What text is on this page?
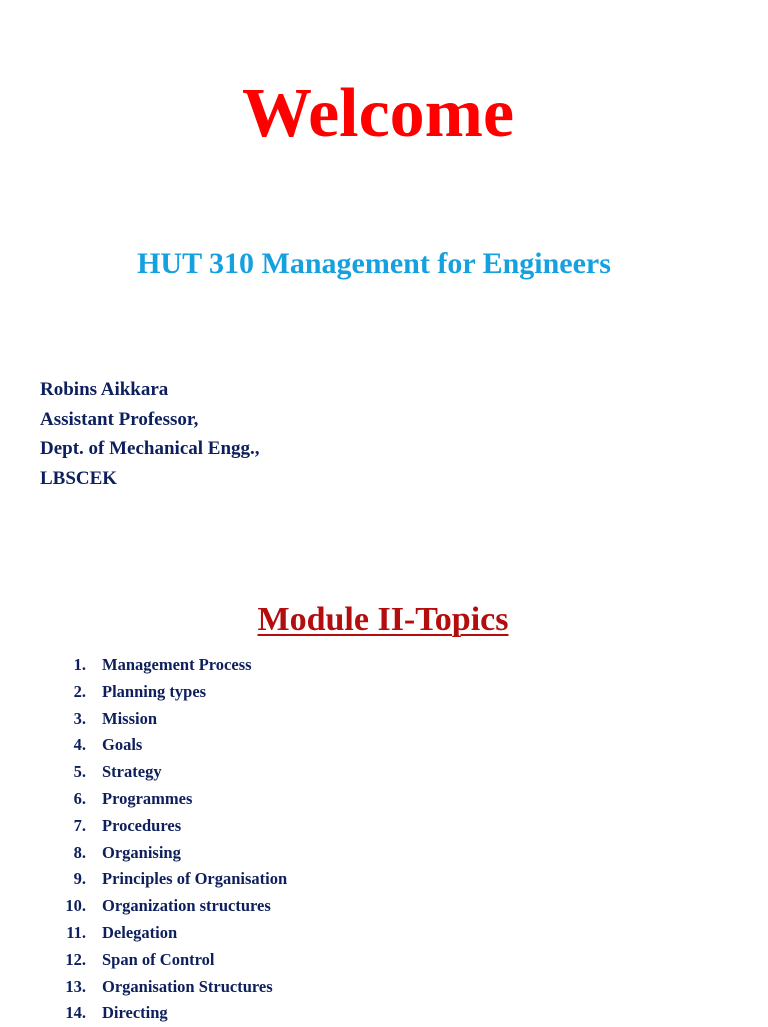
Welcome
HUT 310 Management for Engineers
Robins Aikkara
Assistant Professor,
Dept. of Mechanical Engg.,
LBSCEK
Module II-Topics
1. Management Process
2. Planning types
3. Mission
4. Goals
5. Strategy
6. Programmes
7. Procedures
8. Organising
9. Principles of Organisation
10. Organization structures
11. Delegation
12. Span of Control
13. Organisation Structures
14. Directing
